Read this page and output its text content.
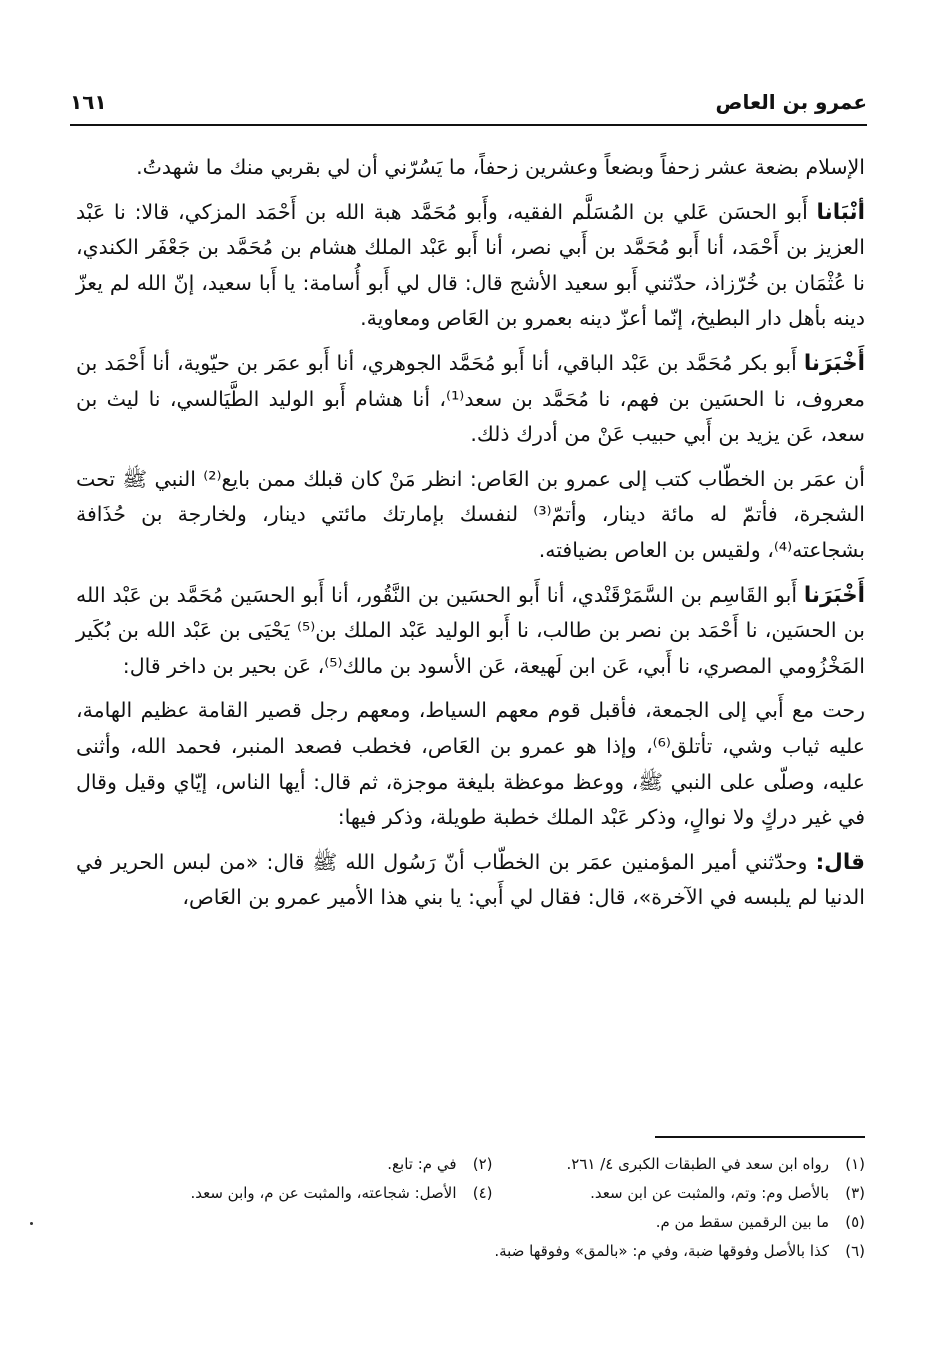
عمرو بن العاص
١٦١

الإسلام بضعة عشر زحفاً وبضعاً وعشرين زحفاً، ما يَسُرّني أن لي بقربي منك ما شهدتُ.

أنْبَانا أَبو الحسَن عَلي بن المُسَلَّم الفقيه، وأَبو مُحَمَّد هبة الله بن أَحْمَد المزكي، قالا: نا عَبْد العزيز بن أَحْمَد، أنا أَبو مُحَمَّد بن أَبي نصر، أنا أَبو عَبْد الملك هشام بن مُحَمَّد بن جَعْفَر الكندي، نا عُثْمَان بن خُرّزاذ، حدّثني أَبو سعيد الأشج قال: قال لي أَبو أُسامة: يا أَبا سعيد، إنّ الله لم يعزّ دينه بأهل دار البطيخ، إنّما أعزّ دينه بعمرو بن العَاص ومعاوية.

أَخْبَرَنا أَبو بكر مُحَمَّد بن عَبْد الباقي، أنا أَبو مُحَمَّد الجوهري، أنا أَبو عمَر بن حيّوية، أنا أَحْمَد بن معروف، نا الحسَين بن فهم، نا مُحَمَّد بن سعد⁽¹⁾، أنا هشام أَبو الوليد الطَّيَالسي، نا ليث بن سعد، عَن يزيد بن أَبي حبيب عَنْ من أدرك ذلك.

أن عمَر بن الخطّاب كتب إلى عمرو بن العَاص: انظر مَنْ كان قبلك ممن بايع⁽²⁾ النبي ﷺ تحت الشجرة، فأتمّ له مائة دينار، وأتمّ⁽³⁾ لنفسك بإمارتك مائتي دينار، ولخارجة بن حُذَافة بشجاعته⁽⁴⁾، ولقيس بن العاص بضيافته.

أَخْبَرَنا أَبو القَاسِم بن السَّمَرْقَنْدي، أنا أَبو الحسَين بن النَّقُور، أنا أَبو الحسَين مُحَمَّد بن عَبْد الله بن الحسَين، نا أَحْمَد بن نصر بن طالب، نا أَبو الوليد عَبْد الملك بن⁽⁵⁾ يَحْيَى بن عَبْد الله بن بُكَير المَخْزُومي المصري، نا أَبي، عَن ابن لَهيعة، عَن الأسود بن مالك⁽⁵⁾، عَن بحير بن داخر قال:

رحت مع أَبي إلى الجمعة، فأقبل قوم معهم السياط، ومعهم رجل قصير القامة عظيم الهامة، عليه ثياب وشي، تأتلق⁽⁶⁾، وإذا هو عمرو بن العَاص، فخطب فصعد المنبر، فحمد الله، وأثنى عليه، وصلّى على النبي ﷺ، ووعظ موعظة بليغة موجزة، ثم قال: أيها الناس، إيّاي وقيل وقال في غير دركٍ ولا نوالٍ، وذكر عَبْد الملك خطبة طويلة، وذكر فيها:

قال: وحدّثني أمير المؤمنين عمَر بن الخطّاب أنّ رَسُول الله ﷺ قال: «من لبس الحرير في الدنيا لم يلبسه في الآخرة»، قال: فقال لي أَبي: يا بني هذا الأمير عمرو بن العَاص،

(١)رواه ابن سعد في الطبقات الكبرى ٤/ ٢٦١.
(٢)في م: تابع.
(٣)بالأصل وم: وتم، والمثبت عن ابن سعد.
(٤)الأصل: شجاعته، والمثبت عن م، وابن سعد.
(٥)ما بين الرقمين سقط من م.
(٦)كذا بالأصل وفوقها ضبة، وفي م: «بالمق» وفوقها ضبة.
